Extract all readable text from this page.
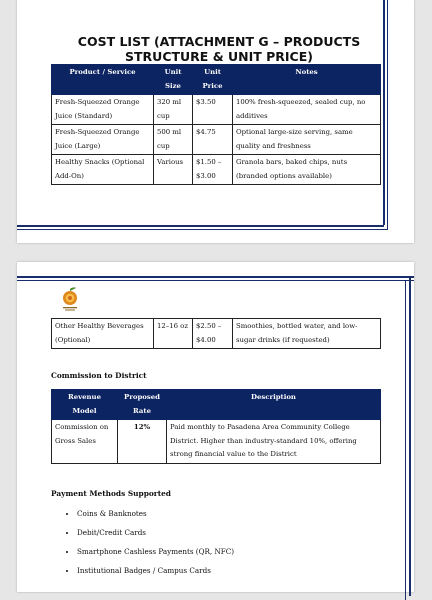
COST LIST (ATTACHMENT G – PRODUCTS STRUCTURE & UNIT PRICE)
Product / Service	Unit Size	Unit Price	Notes
Fresh-Squeezed Orange Juice (Standard)	320 ml cup	$3.50	100% fresh-squeezed, sealed cup, no additives
Fresh-Squeezed Orange Juice (Large)	500 ml cup	$4.75	Optional large-size serving, same quality and freshness
Healthy Snacks (Optional Add-On)	Various	$1.50 – $3.00	Granola bars, baked chips, nuts (branded options available)
Other Healthy Beverages (Optional)	12–16 oz	$2.50 – $4.00	Smoothies, bottled water, and low-sugar drinks (if requested)

Commission to District

Revenue Model	Proposed Rate	Description
Commission on Gross Sales	12%	Paid monthly to Pasadena Area Community College District. Higher than industry-standard 10%, offering strong financial value to the District

Payment Methods Supported

• Coins & Banknotes
• Debit/Credit Cards
• Smartphone Cashless Payments (QR, NFC)
• Institutional Badges / Campus Cards
